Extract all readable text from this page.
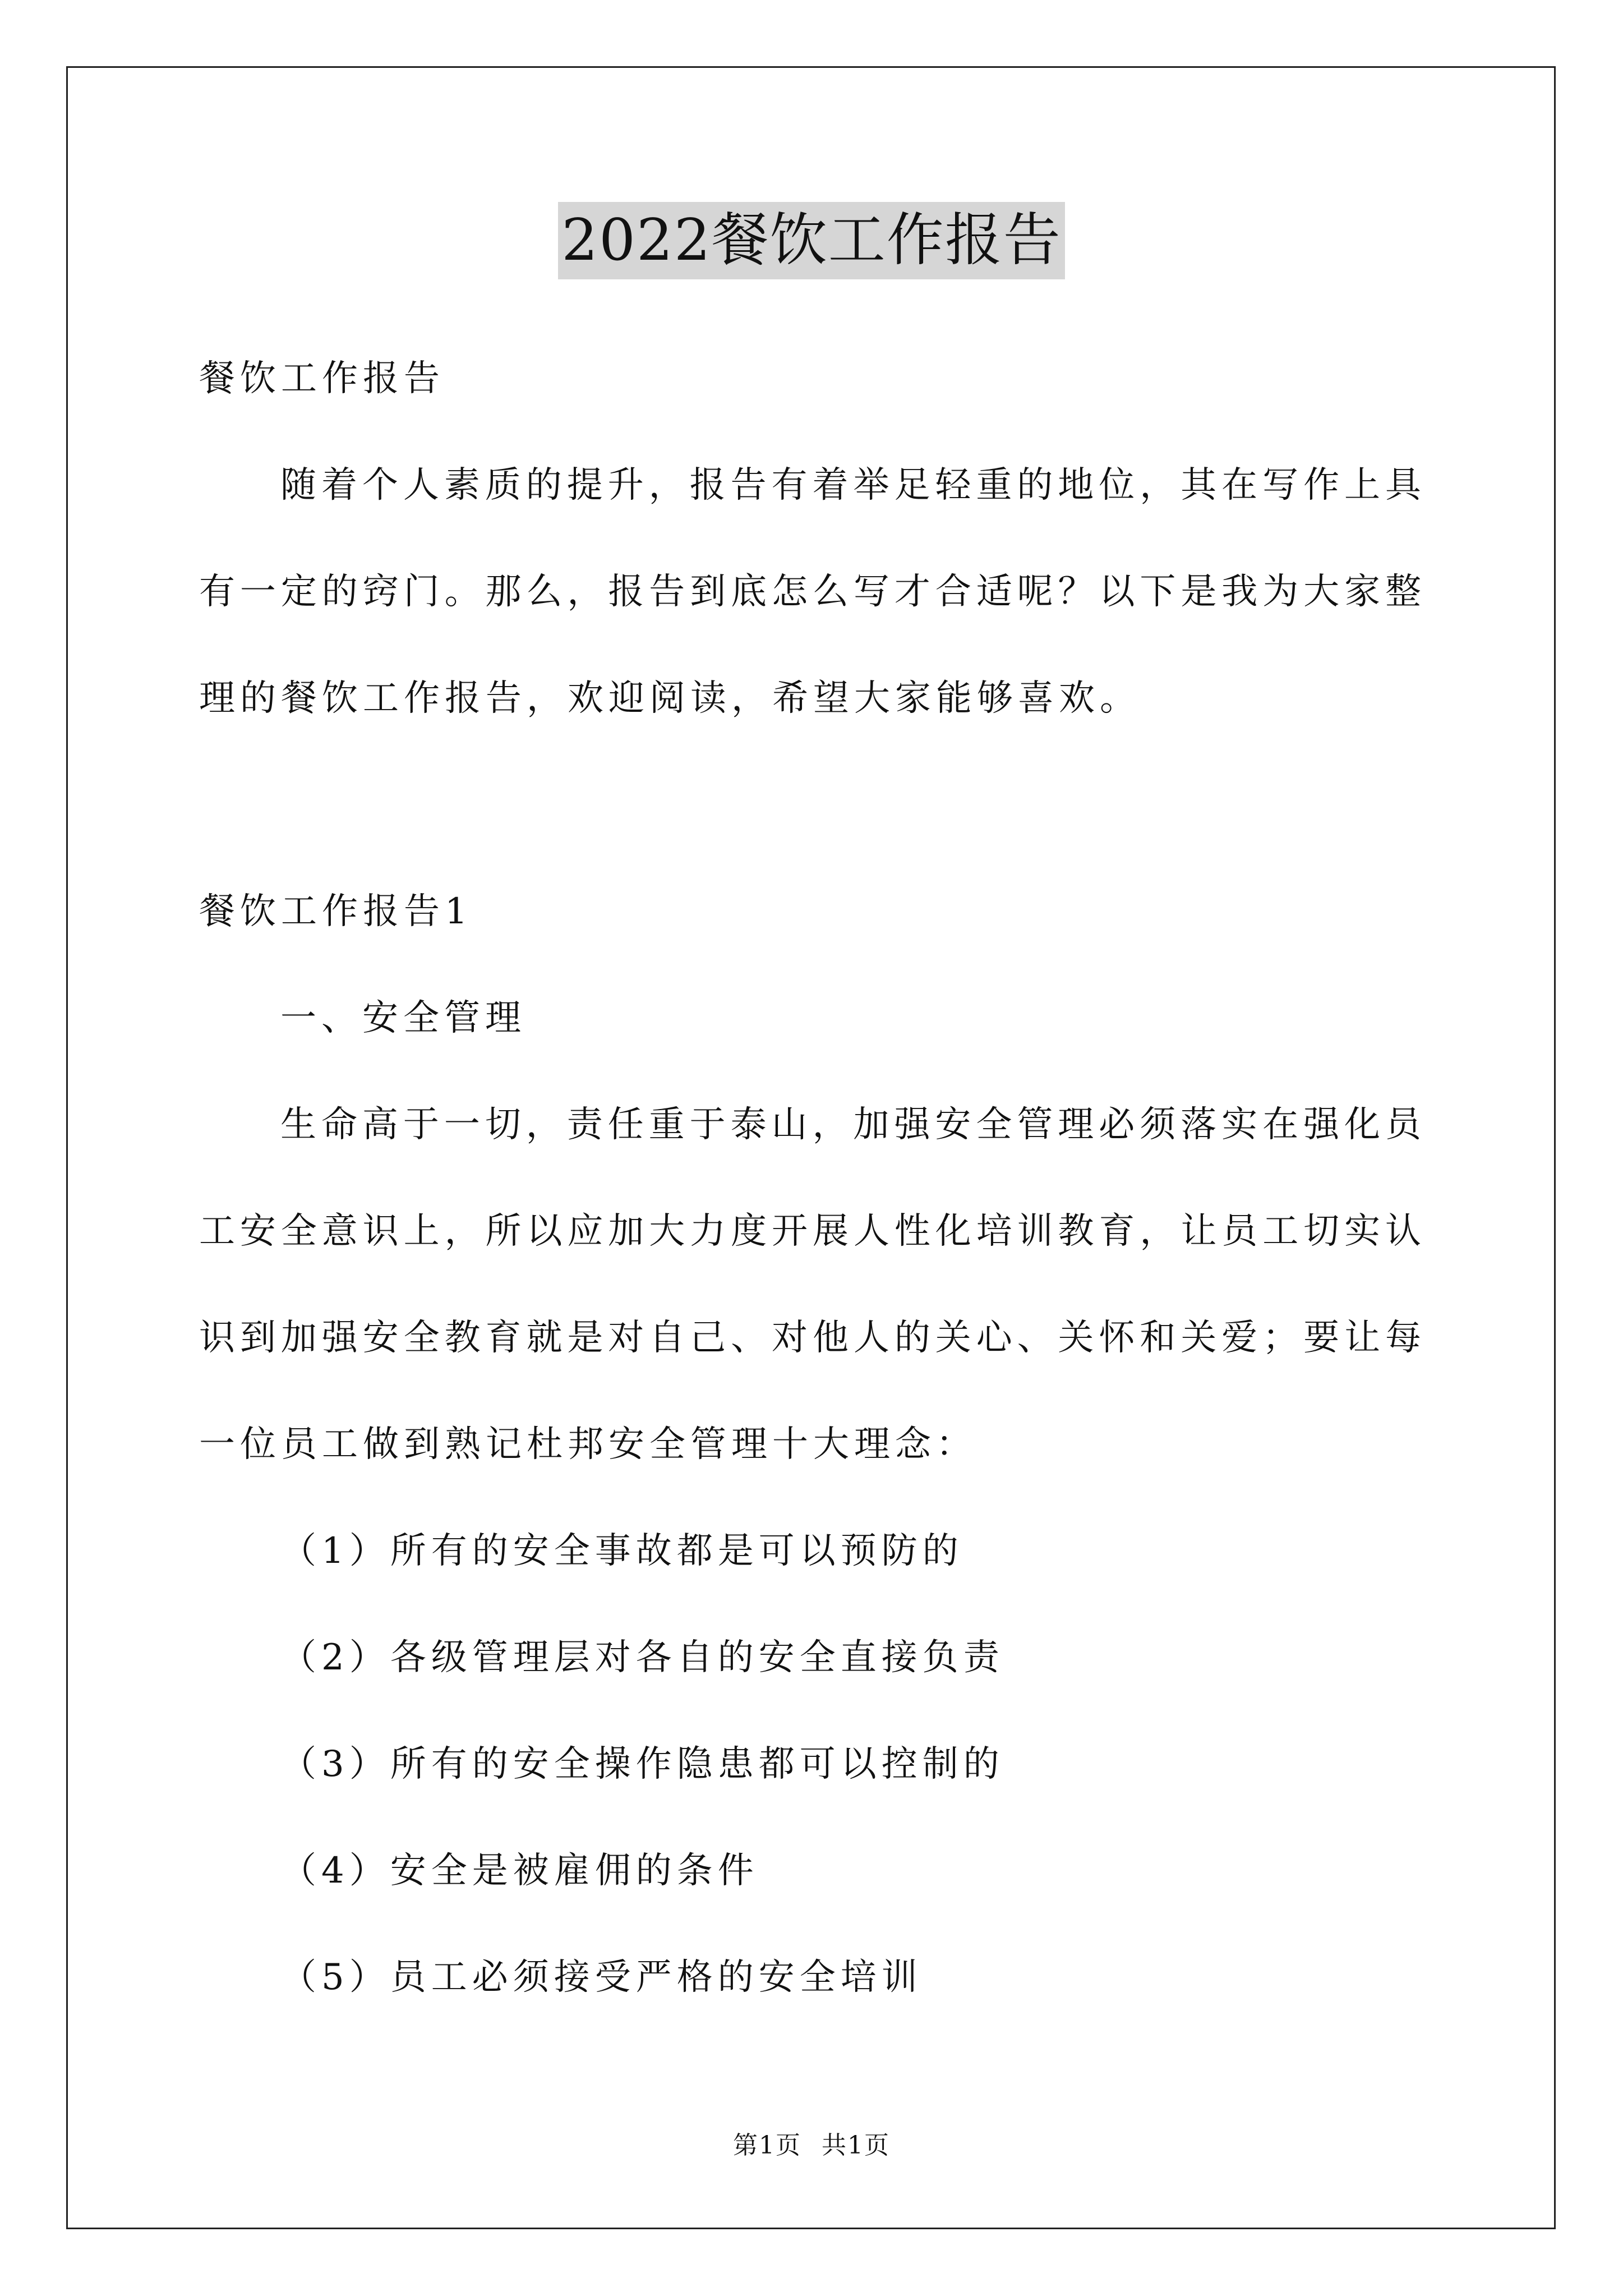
2022餐饮工作报告
餐饮工作报告
随着个人素质的提升，报告有着举足轻重的地位，其在写作上具
有一定的窍门。那么，报告到底怎么写才合适呢？以下是我为大家整
理的餐饮工作报告，欢迎阅读，希望大家能够喜欢。
餐饮工作报告1
一、安全管理
生命高于一切，责任重于泰山，加强安全管理必须落实在强化员
工安全意识上，所以应加大力度开展人性化培训教育，让员工切实认
识到加强安全教育就是对自己、对他人的关心、关怀和关爱；要让每
一位员工做到熟记杜邦安全管理十大理念：
（1）所有的安全事故都是可以预防的
（2）各级管理层对各自的安全直接负责
（3）所有的安全操作隐患都可以控制的
（4）安全是被雇佣的条件
（5）员工必须接受严格的安全培训
第1页 共1页
